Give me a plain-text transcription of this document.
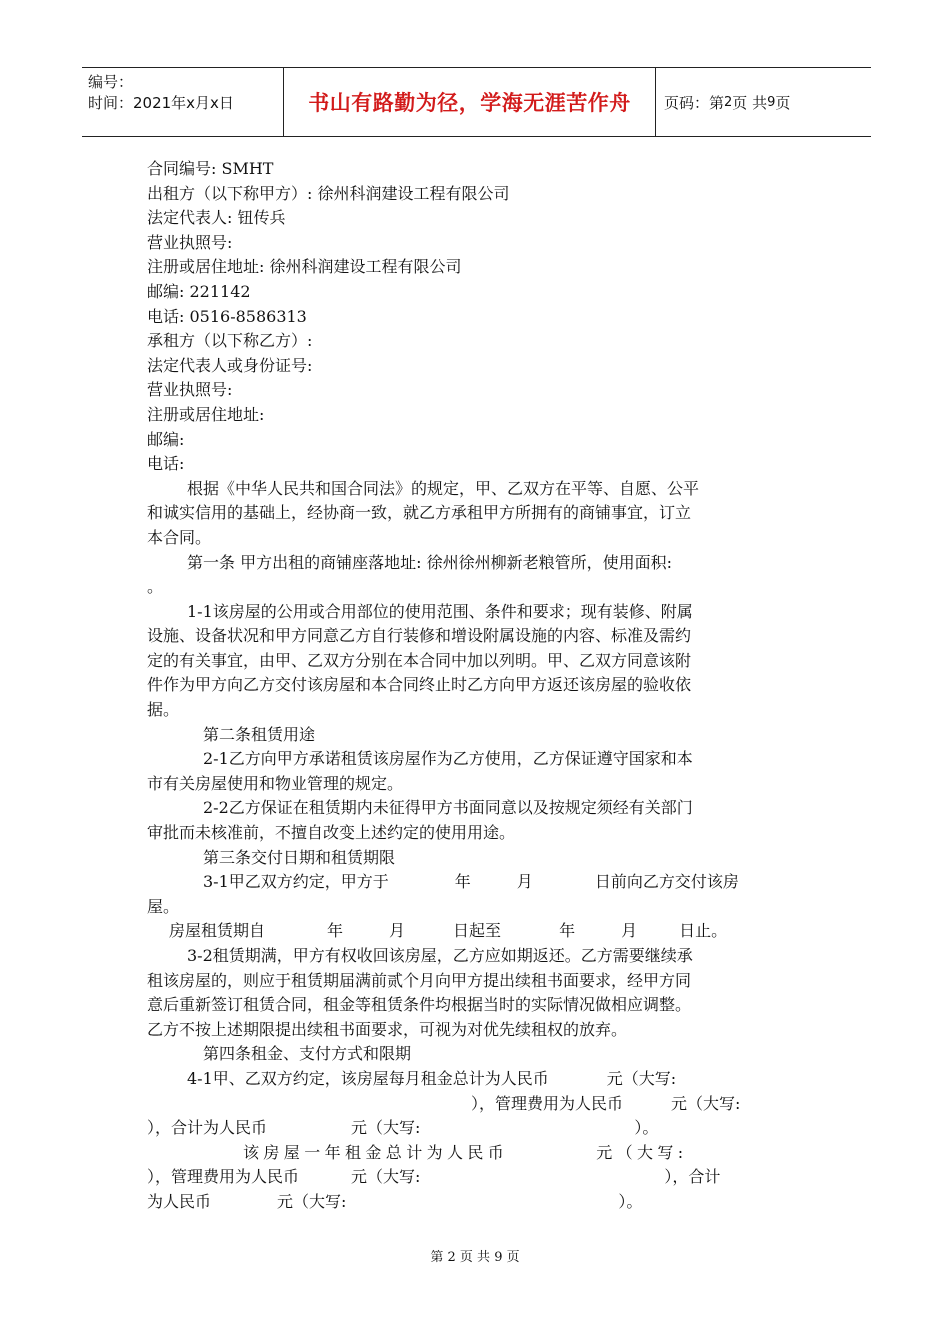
编号：
时间：2021年x月x日	书山有路勤为径，学海无涯苦作舟	页码：第 2 页 共 9 页

合同编号: SMHT

出租方（以下称甲方）: 徐州科润建设工程有限公司

法定代表人: 钮传兵

营业执照号:

注册或居住地址: 徐州科润建设工程有限公司

邮编: 221142

电话: 0516-8586313

承租方（以下称乙方）:

法定代表人或身份证号:

营业执照号:

注册或居住地址:

邮编:

电话:

根据《中华人民共和国合同法》的规定，甲、乙双方在平等、自愿、公平

和诚实信用的基础上，经协商一致，就乙方承租甲方所拥有的商铺事宜，订立

本合同。

第一条 甲方出租的商铺座落地址: 徐州徐州柳新老粮管所，使用面积:

。

1-1该房屋的公用或合用部位的使用范围、条件和要求；现有装修、附属

设施、设备状况和甲方同意乙方自行装修和增设附属设施的内容、标准及需约

定的有关事宜，由甲、乙双方分别在本合同中加以列明。甲、乙双方同意该附

件作为甲方向乙方交付该房屋和本合同终止时乙方向甲方返还该房屋的验收依

据。

第二条租赁用途

2-1乙方向甲方承诺租赁该房屋作为乙方使用，乙方保证遵守国家和本

市有关房屋使用和物业管理的规定。

2-2乙方保证在租赁期内未征得甲方书面同意以及按规定须经有关部门

审批而未核准前，不擅自改变上述约定的使用用途。

第三条交付日期和租赁期限

3-1甲乙双方约定，甲方于	年	月	日前向乙方交付该房

屋。

房屋租赁期自	年	月	日起至	年	月	日止。

3-2租赁期满，甲方有权收回该房屋，乙方应如期返还。乙方需要继续承

租该房屋的，则应于租赁期届满前贰个月向甲方提出续租书面要求，经甲方同

意后重新签订租赁合同，租金等租赁条件均根据当时的实际情况做相应调整。

乙方不按上述期限提出续租书面要求，可视为对优先续租权的放弃。

第四条租金、支付方式和限期

4-1甲、乙双方约定，该房屋每月租金总计为人民币	元（大写:

），管理费用为人民币	元（大写:

），合计为人民币	元（大写:	）。

该房屋一年租金总计为人民币	元（大写:

），管理费用为人民币	元（大写:	），合计

为人民币	元（大写:	）。

第 2 页 共 9 页
